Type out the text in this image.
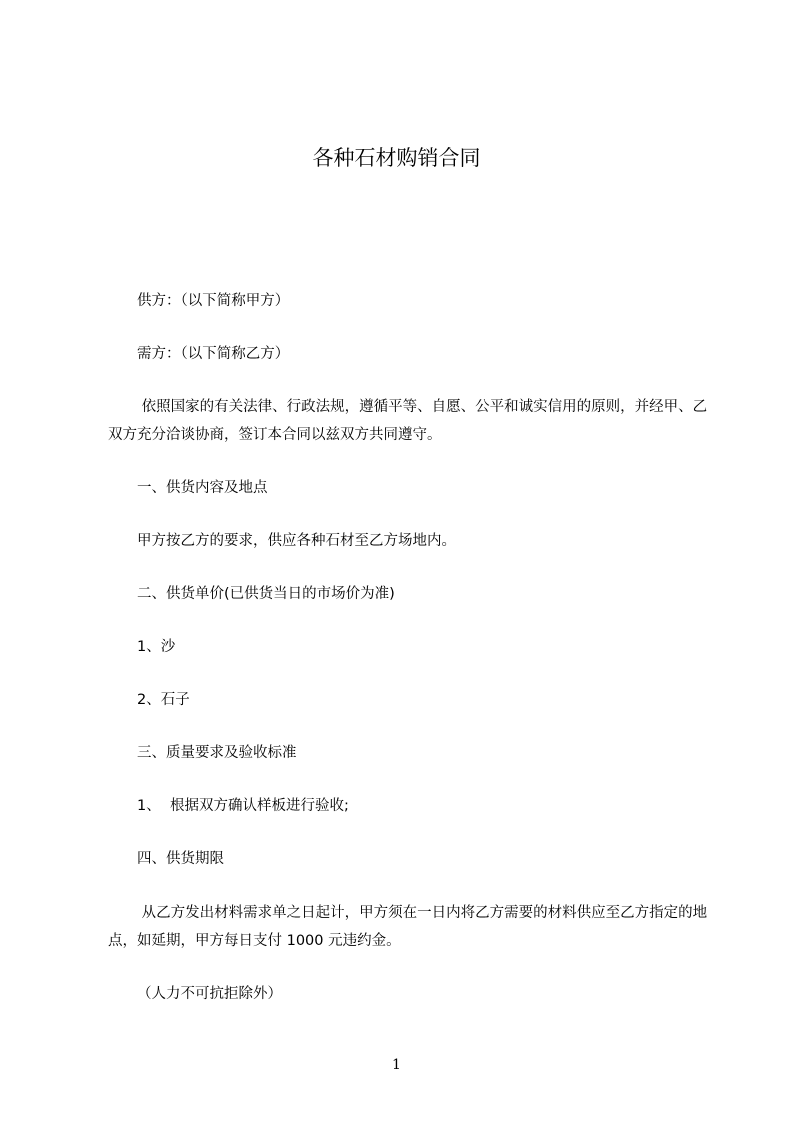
各种石材购销合同

供方：（以下简称甲方）

需方：（以下简称乙方）

依照国家的有关法律、行政法规，遵循平等、自愿、公平和诚实信用的原则，并经甲、乙双方充分洽谈协商，签订本合同以兹双方共同遵守。

一、供货内容及地点

甲方按乙方的要求，供应各种石材至乙方场地内。

二、供货单价(已供货当日的市场价为准)

1、沙

2、石子

三、质量要求及验收标准

1、  根据双方确认样板进行验收;

四、供货期限

从乙方发出材料需求单之日起计，甲方须在一日内将乙方需要的材料供应至乙方指定的地点，如延期，甲方每日支付 1000 元违约金。

（人力不可抗拒除外）

1
